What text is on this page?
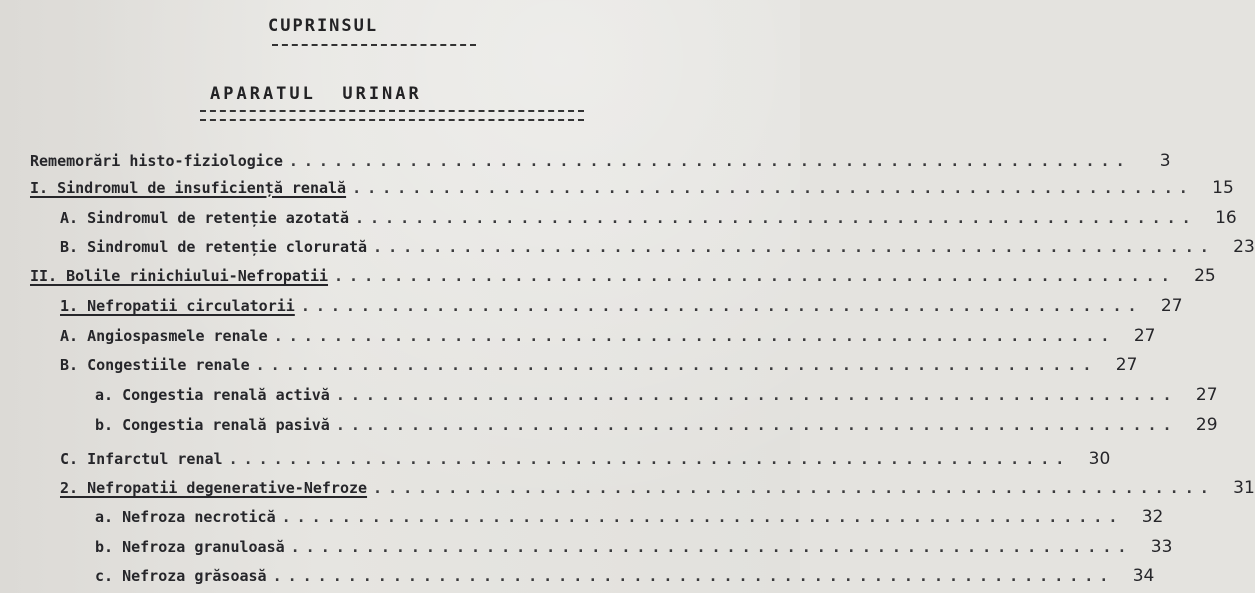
CUPRINSUL
APARATUL  URINAR
Rememorări histo-fiziologice ........................................................	3
I. Sindromul de insuficiență renală ........................................................	15
A. Sindromul de retenție azotată ........................................................	16
B. Sindromul de retenție clorurată ........................................................	23
II. Bolile rinichiului-Nefropatii ........................................................	25
1. Nefropatii circulatorii ........................................................	27
A. Angiospasmele renale ........................................................	27
B. Congestiile renale ........................................................	27
a. Congestia renală activă ........................................................	27
b. Congestia renală pasivă ........................................................	29
C. Infarctul renal ........................................................	30
2. Nefropatii degenerative-Nefroze ........................................................	31
a. Nefroza necrotică ........................................................	32
b. Nefroza granuloasă ........................................................	33
c. Nefroza grăsoasă ........................................................	34
